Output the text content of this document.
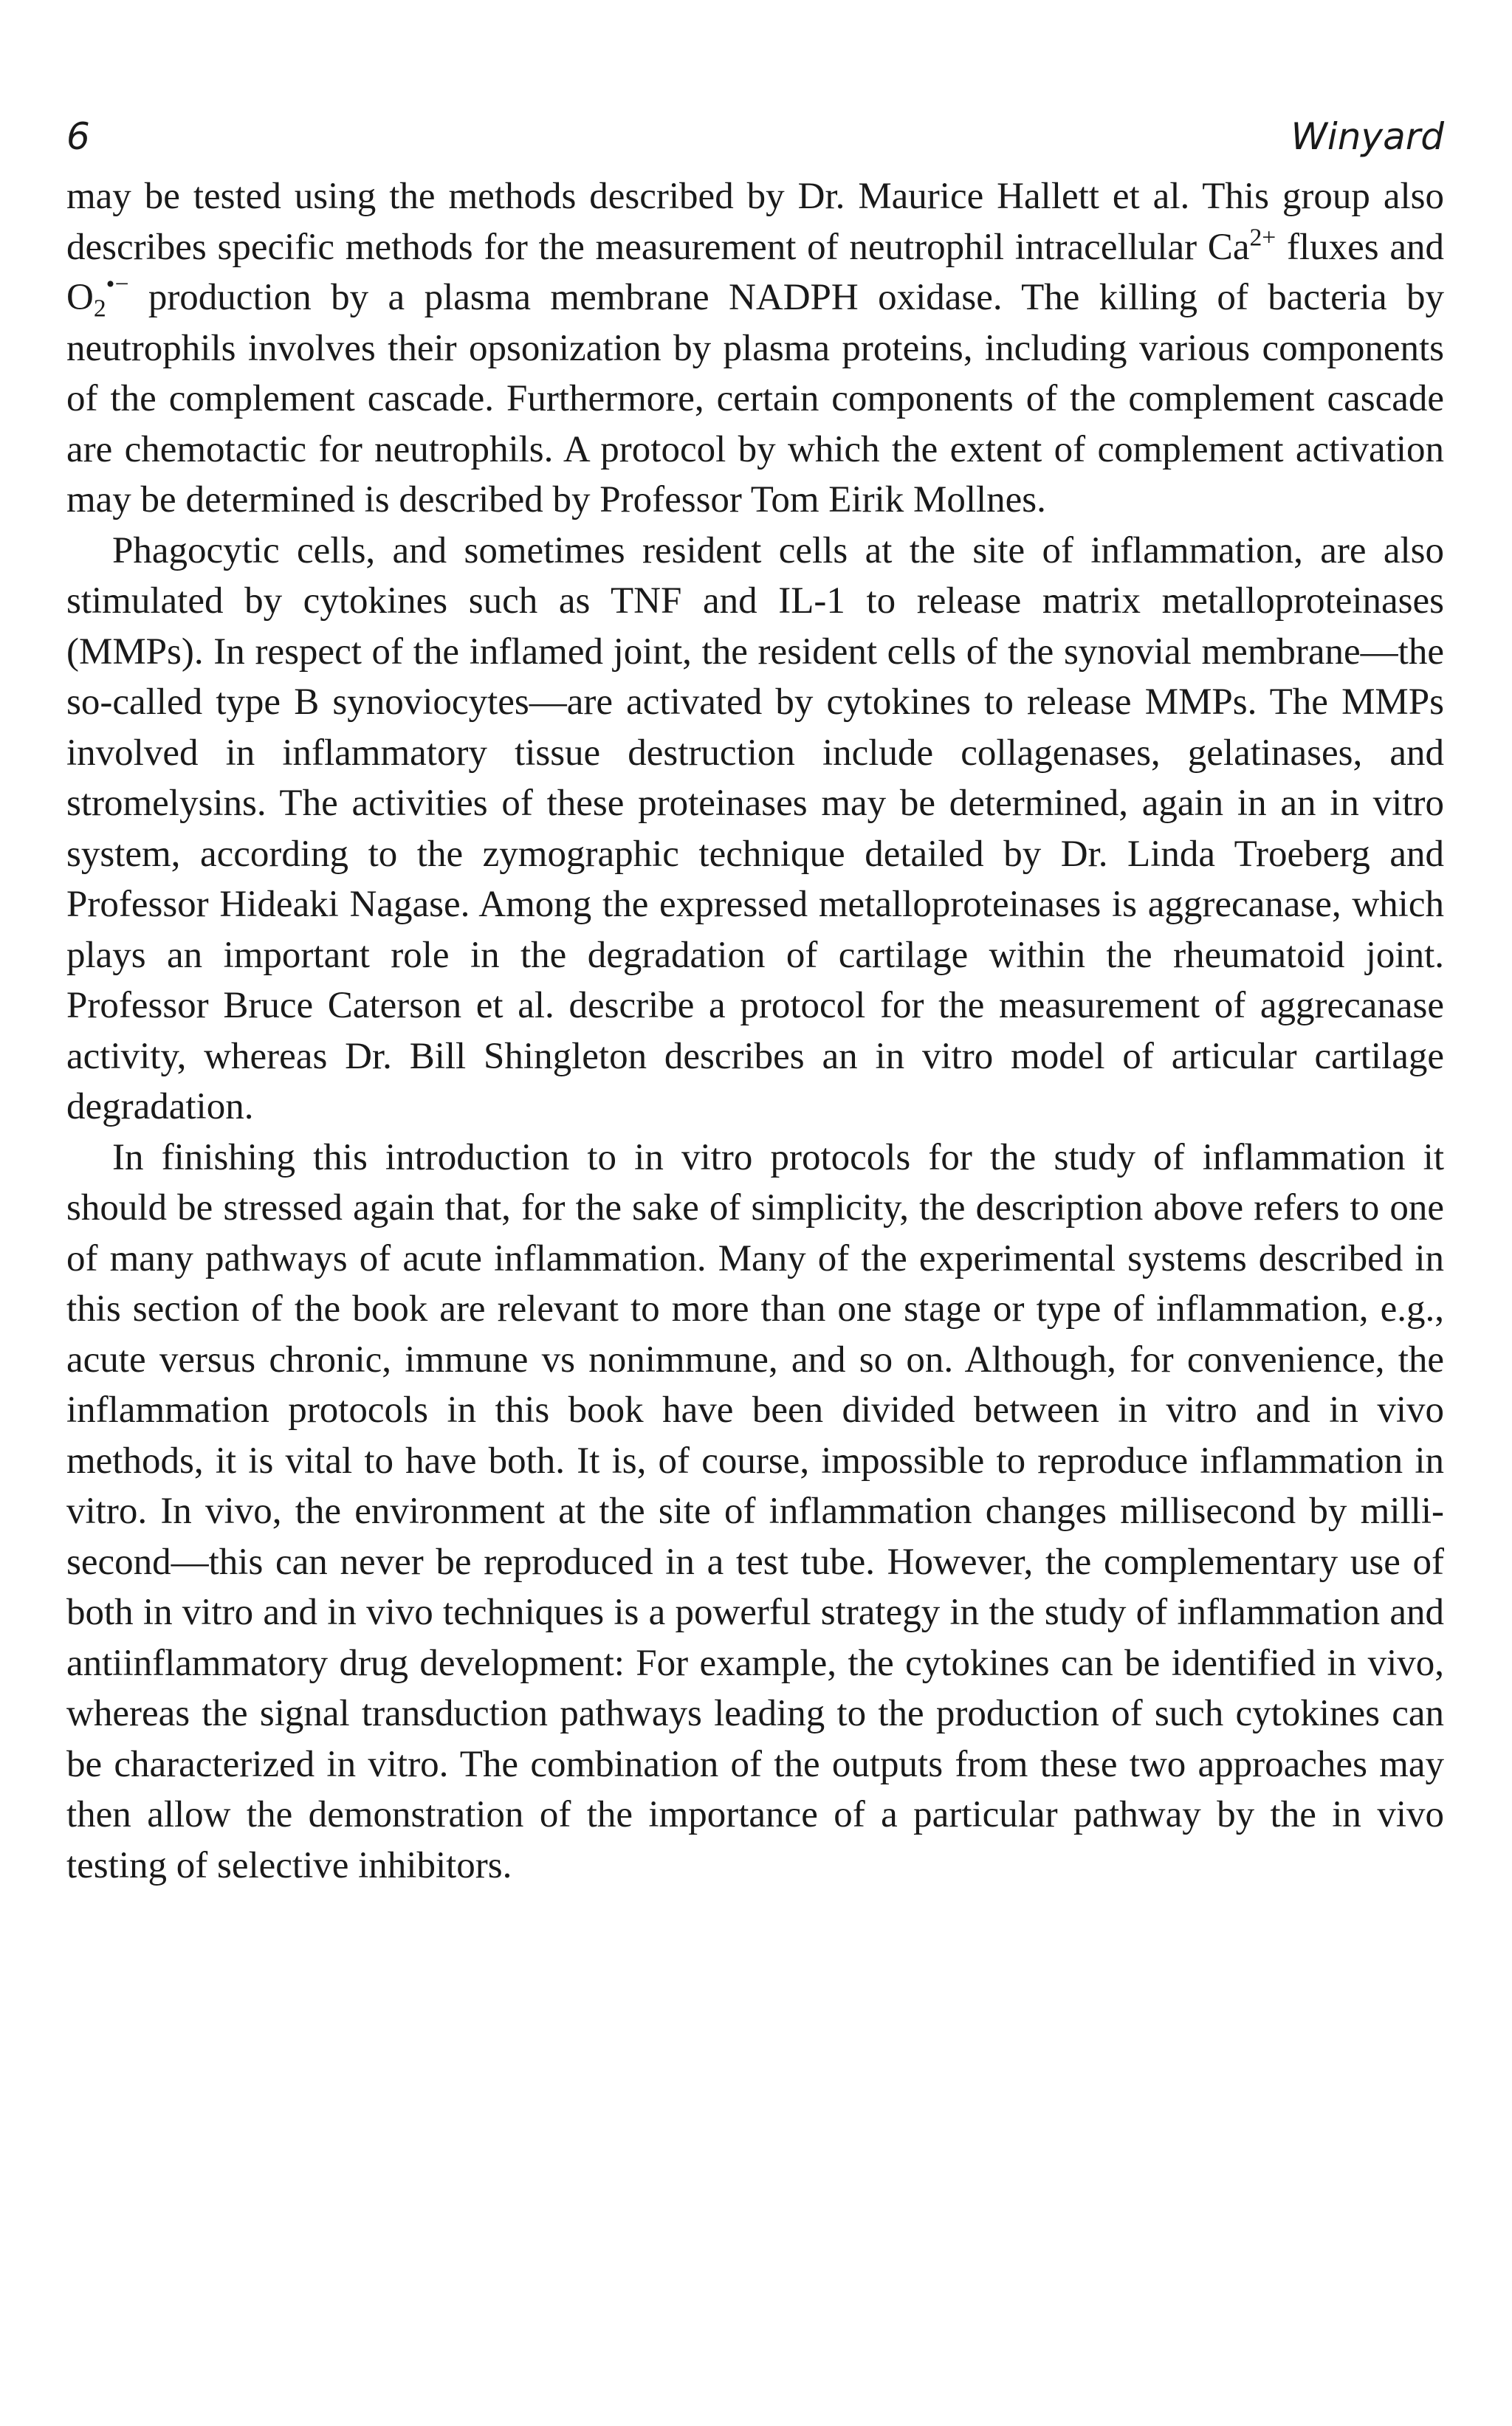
6	Winyard

may be tested using the methods described by Dr. Maurice Hallett et al. This group also describes specific methods for the measurement of neutrophil intracellular $Ca^{2+}$ fluxes and $O_2^{•-}$ production by a plasma membrane NADPH oxidase. The killing of bacteria by neutrophils involves their opsonization by plasma proteins, including various components of the complement cascade. Furthermore, certain components of the complement cascade are chemotactic for neutrophils. A protocol by which the extent of complement activation may be determined is described by Professor Tom Eirik Mollnes.

Phagocytic cells, and sometimes resident cells at the site of inflammation, are also stimulated by cytokines such as TNF and IL-1 to release matrix metalloproteinases (MMPs). In respect of the inflamed joint, the resident cells of the synovial membrane—the so-called type B synoviocytes—are activated by cytokines to release MMPs. The MMPs involved in inflammatory tissue destruction include collagenases, gelatinases, and stromelysins. The activities of these proteinases may be determined, again in an in vitro system, according to the zymographic technique detailed by Dr. Linda Troeberg and Professor Hideaki Nagase. Among the expressed metalloproteinases is aggrecanase, which plays an important role in the degradation of cartilage within the rheumatoid joint. Professor Bruce Caterson et al. describe a protocol for the measurement of aggrecanase activity, whereas Dr. Bill Shingleton describes an in vitro model of articular cartilage degradation.

In finishing this introduction to in vitro protocols for the study of inflammation it should be stressed again that, for the sake of simplicity, the description above refers to one of many pathways of acute inflammation. Many of the experimental systems described in this section of the book are relevant to more than one stage or type of inflammation, e.g., acute versus chronic, immune vs nonimmune, and so on. Although, for convenience, the inflammation protocols in this book have been divided between in vitro and in vivo methods, it is vital to have both. It is, of course, impossible to reproduce inflammation in vitro. In vivo, the environment at the site of inflammation changes millisecond by millisecond—this can never be reproduced in a test tube. However, the complementary use of both in vitro and in vivo techniques is a powerful strategy in the study of inflammation and antiinflammatory drug development: For example, the cytokines can be identified in vivo, whereas the signal transduction pathways leading to the production of such cytokines can be characterized in vitro. The combination of the outputs from these two approaches may then allow the demonstration of the importance of a particular pathway by the in vivo testing of selective inhibitors.
